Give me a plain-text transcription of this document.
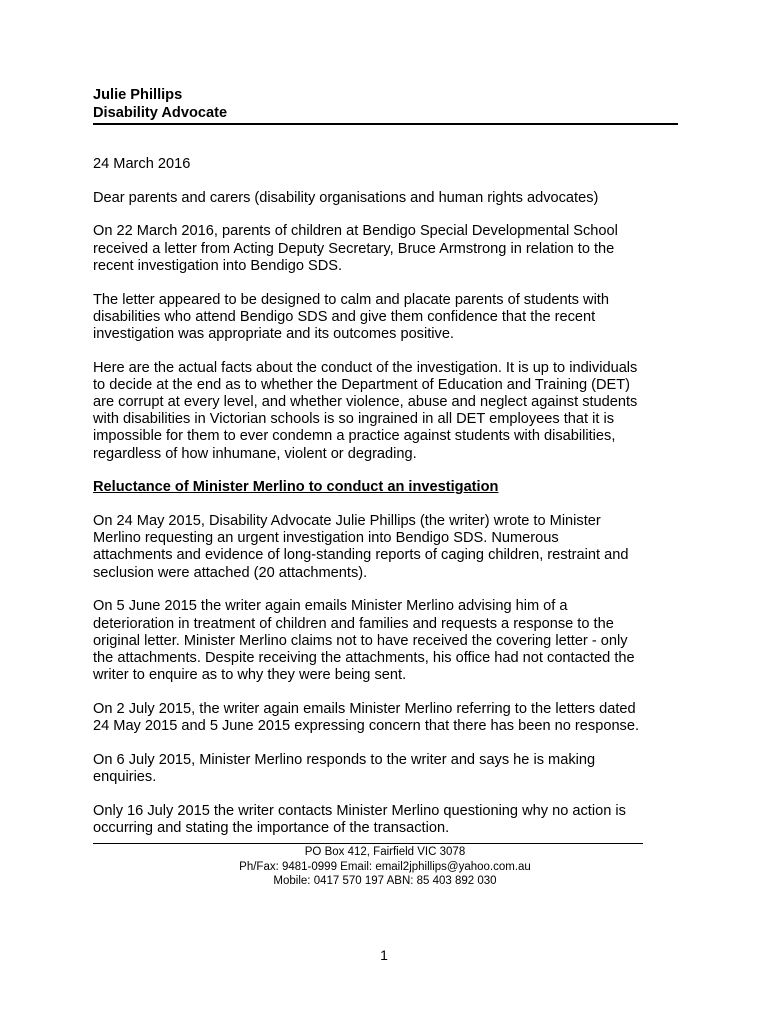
Julie Phillips
Disability Advocate

24 March 2016

Dear parents and carers (disability organisations and human rights advocates)

On 22 March 2016, parents of children at Bendigo Special Developmental School
received a letter from Acting Deputy Secretary, Bruce Armstrong in relation to the
recent investigation into Bendigo SDS.

The letter appeared to be designed to calm and placate parents of students with
disabilities who attend Bendigo SDS and give them confidence that the recent
investigation was appropriate and its outcomes positive.

Here are the actual facts about the conduct of the investigation. It is up to individuals
to decide at the end as to whether the Department of Education and Training (DET)
are corrupt at every level, and whether violence, abuse and neglect against students
with disabilities in Victorian schools is so ingrained in all DET employees that it is
impossible for them to ever condemn a practice against students with disabilities,
regardless of how inhumane, violent or degrading.

Reluctance of Minister Merlino to conduct an investigation

On 24 May 2015, Disability Advocate Julie Phillips (the writer) wrote to Minister
Merlino requesting an urgent investigation into Bendigo SDS. Numerous
attachments and evidence of long-standing reports of caging children, restraint and
seclusion were attached (20 attachments).

On 5 June 2015 the writer again emails Minister Merlino advising him of a
deterioration in treatment of children and families and requests a response to the
original letter. Minister Merlino claims not to have received the covering letter - only
the attachments. Despite receiving the attachments, his office had not contacted the
writer to enquire as to why they were being sent.

On 2 July 2015, the writer again emails Minister Merlino referring to the letters dated
24 May 2015 and 5 June 2015 expressing concern that there has been no response.

On 6 July 2015, Minister Merlino responds to the writer and says he is making
enquiries.

Only 16 July 2015 the writer contacts Minister Merlino questioning why no action is
occurring and stating the importance of the transaction.

PO Box 412, Fairfield VIC 3078
Ph/Fax: 9481-0999 Email: email2jphillips@yahoo.com.au
Mobile: 0417 570 197 ABN: 85 403 892 030
1
